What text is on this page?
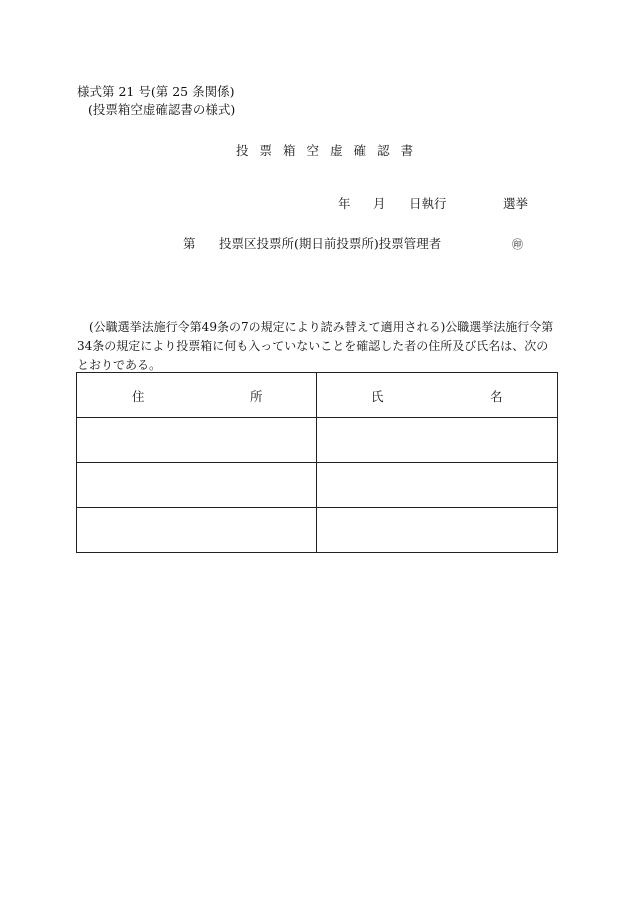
様式第 21 号(第 25 条関係)
(投票箱空虚確認書の様式)
投 票 箱 空 虚 確 認 書
年 月 日執行	選挙
第 投票区投票所(期日前投票所)投票管理者	㊞
(公職選挙法施行令第49条の7の規定により読み替えて適用される)公職選挙法施行令第34条の規定により投票箱に何も入っていないことを確認した者の住所及び氏名は、次のとおりである。
住 所	氏 名
